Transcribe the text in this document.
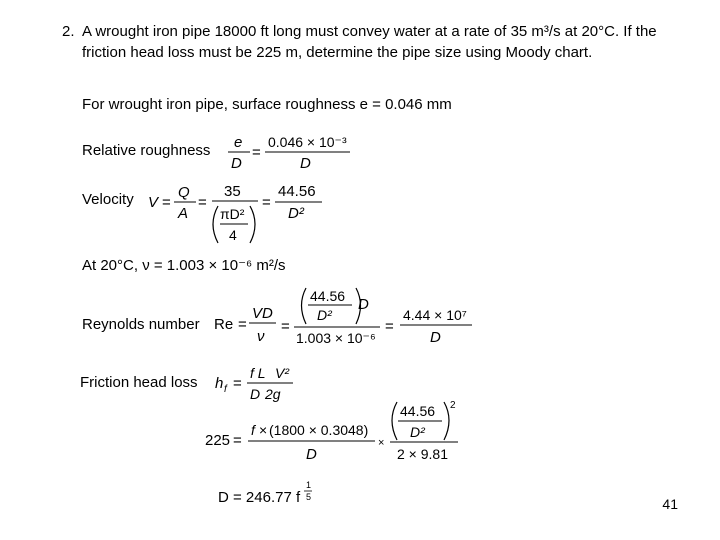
2. A wrought iron pipe 18000 ft long must convey water at a rate of 35 m³/s at 20°C. If the friction head loss must be 225 m, determine the pipe size using Moody chart.
For wrought iron pipe, surface roughness e = 0.046 mm
Relative roughness
Velocity
At 20°C, ν = 1.003 × 10⁻⁶ m²/s
Reynolds number
Friction head loss
e
D
=
0.046 × 10⁻³
D
V =
Q
A
=
35
πD²
4
=
44.56
D²
Re =
VD
ν
=
44.56
D²
D
1.003 × 10⁻⁶
=
4.44 × 10⁷
D
h f =
f L V²
D 2g
225 =
f × (1800 × 0.3048)
D
×
2
44.56
D²
2 × 9.81
D = 246.77 f
1
5	41
